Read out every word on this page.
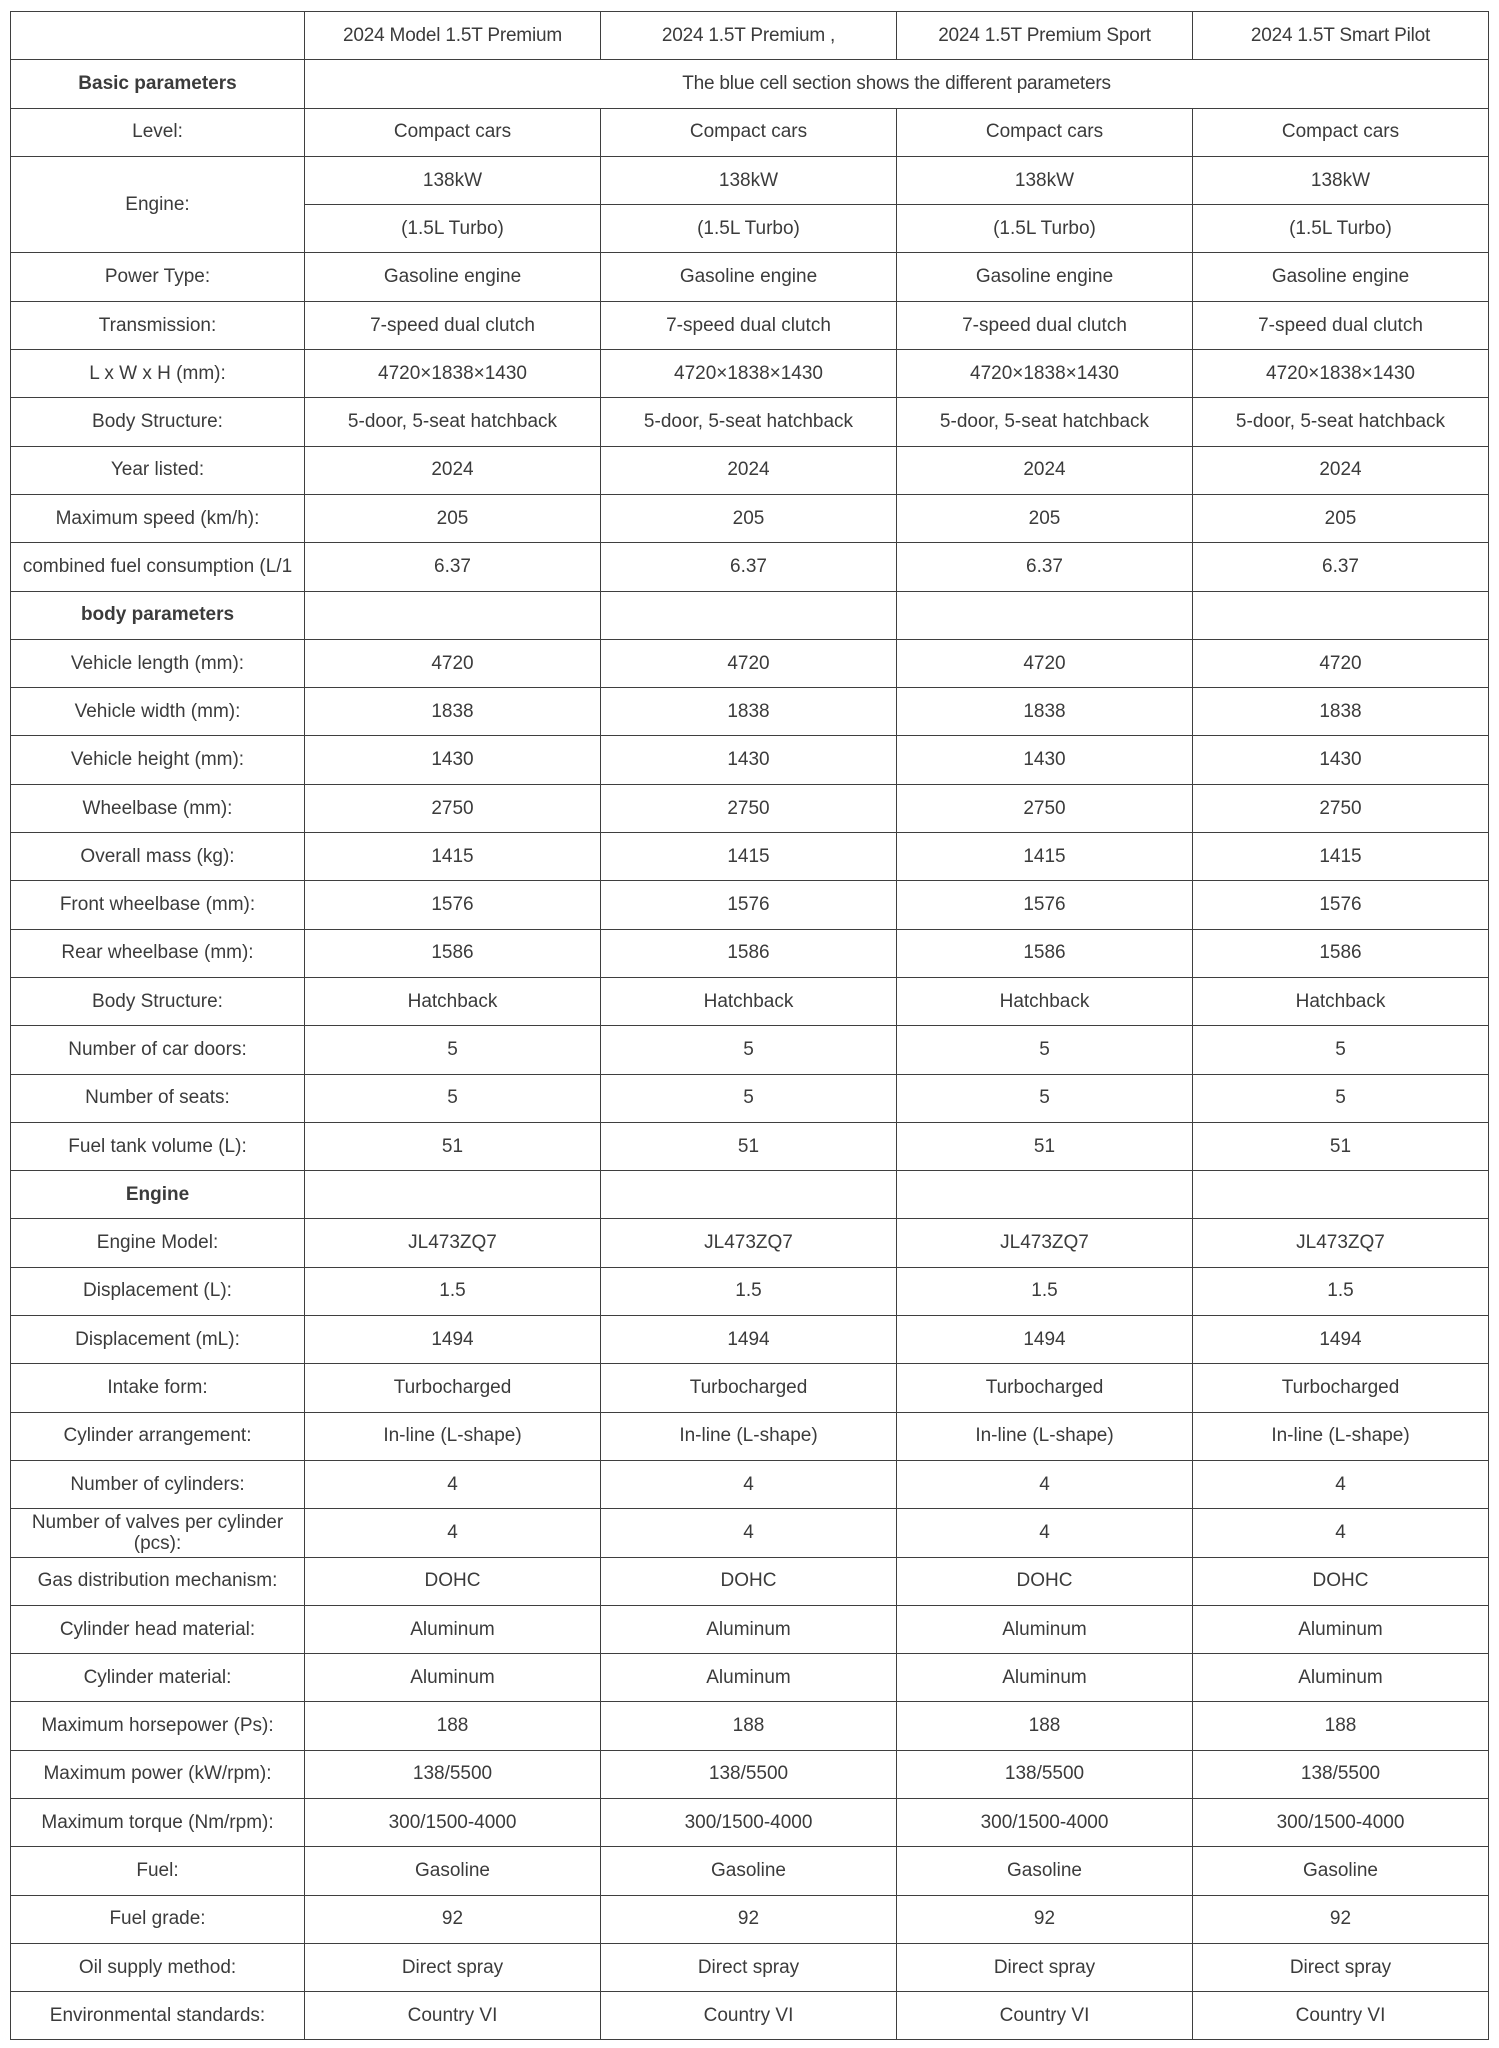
	2024 Model 1.5T Premium	2024 1.5T Premium ,	2024 1.5T Premium Sport	2024 1.5T Smart Pilot
Basic parameters	The blue cell section shows the different parameters			
Level:	Compact cars	Compact cars	Compact cars	Compact cars
Engine:	138kW	138kW	138kW	138kW
	(1.5L Turbo)	(1.5L Turbo)	(1.5L Turbo)	(1.5L Turbo)
Power Type:	Gasoline engine	Gasoline engine	Gasoline engine	Gasoline engine
Transmission:	7-speed dual clutch	7-speed dual clutch	7-speed dual clutch	7-speed dual clutch
L x W x H (mm):	4720×1838×1430	4720×1838×1430	4720×1838×1430	4720×1838×1430
Body Structure:	5-door, 5-seat hatchback	5-door, 5-seat hatchback	5-door, 5-seat hatchback	5-door, 5-seat hatchback
Year listed:	2024	2024	2024	2024
Maximum speed (km/h):	205	205	205	205
combined fuel consumption (L/1	6.37	6.37	6.37	6.37
body parameters				
Vehicle length (mm):	4720	4720	4720	4720
Vehicle width (mm):	1838	1838	1838	1838
Vehicle height (mm):	1430	1430	1430	1430
Wheelbase (mm):	2750	2750	2750	2750
Overall mass (kg):	1415	1415	1415	1415
Front wheelbase (mm):	1576	1576	1576	1576
Rear wheelbase (mm):	1586	1586	1586	1586
Body Structure:	Hatchback	Hatchback	Hatchback	Hatchback
Number of car doors:	5	5	5	5
Number of seats:	5	5	5	5
Fuel tank volume (L):	51	51	51	51
Engine				
Engine Model:	JL473ZQ7	JL473ZQ7	JL473ZQ7	JL473ZQ7
Displacement (L):	1.5	1.5	1.5	1.5
Displacement (mL):	1494	1494	1494	1494
Intake form:	Turbocharged	Turbocharged	Turbocharged	Turbocharged
Cylinder arrangement:	In-line (L-shape)	In-line (L-shape)	In-line (L-shape)	In-line (L-shape)
Number of cylinders:	4	4	4	4
Number of valves per cylinder (pcs):	4	4	4	4
Gas distribution mechanism:	DOHC	DOHC	DOHC	DOHC
Cylinder head material:	Aluminum	Aluminum	Aluminum	Aluminum
Cylinder material:	Aluminum	Aluminum	Aluminum	Aluminum
Maximum horsepower (Ps):	188	188	188	188
Maximum power (kW/rpm):	138/5500	138/5500	138/5500	138/5500
Maximum torque (Nm/rpm):	300/1500-4000	300/1500-4000	300/1500-4000	300/1500-4000
Fuel:	Gasoline	Gasoline	Gasoline	Gasoline
Fuel grade:	92	92	92	92
Oil supply method:	Direct spray	Direct spray	Direct spray	Direct spray
Environmental standards:	Country VI	Country VI	Country VI	Country VI
